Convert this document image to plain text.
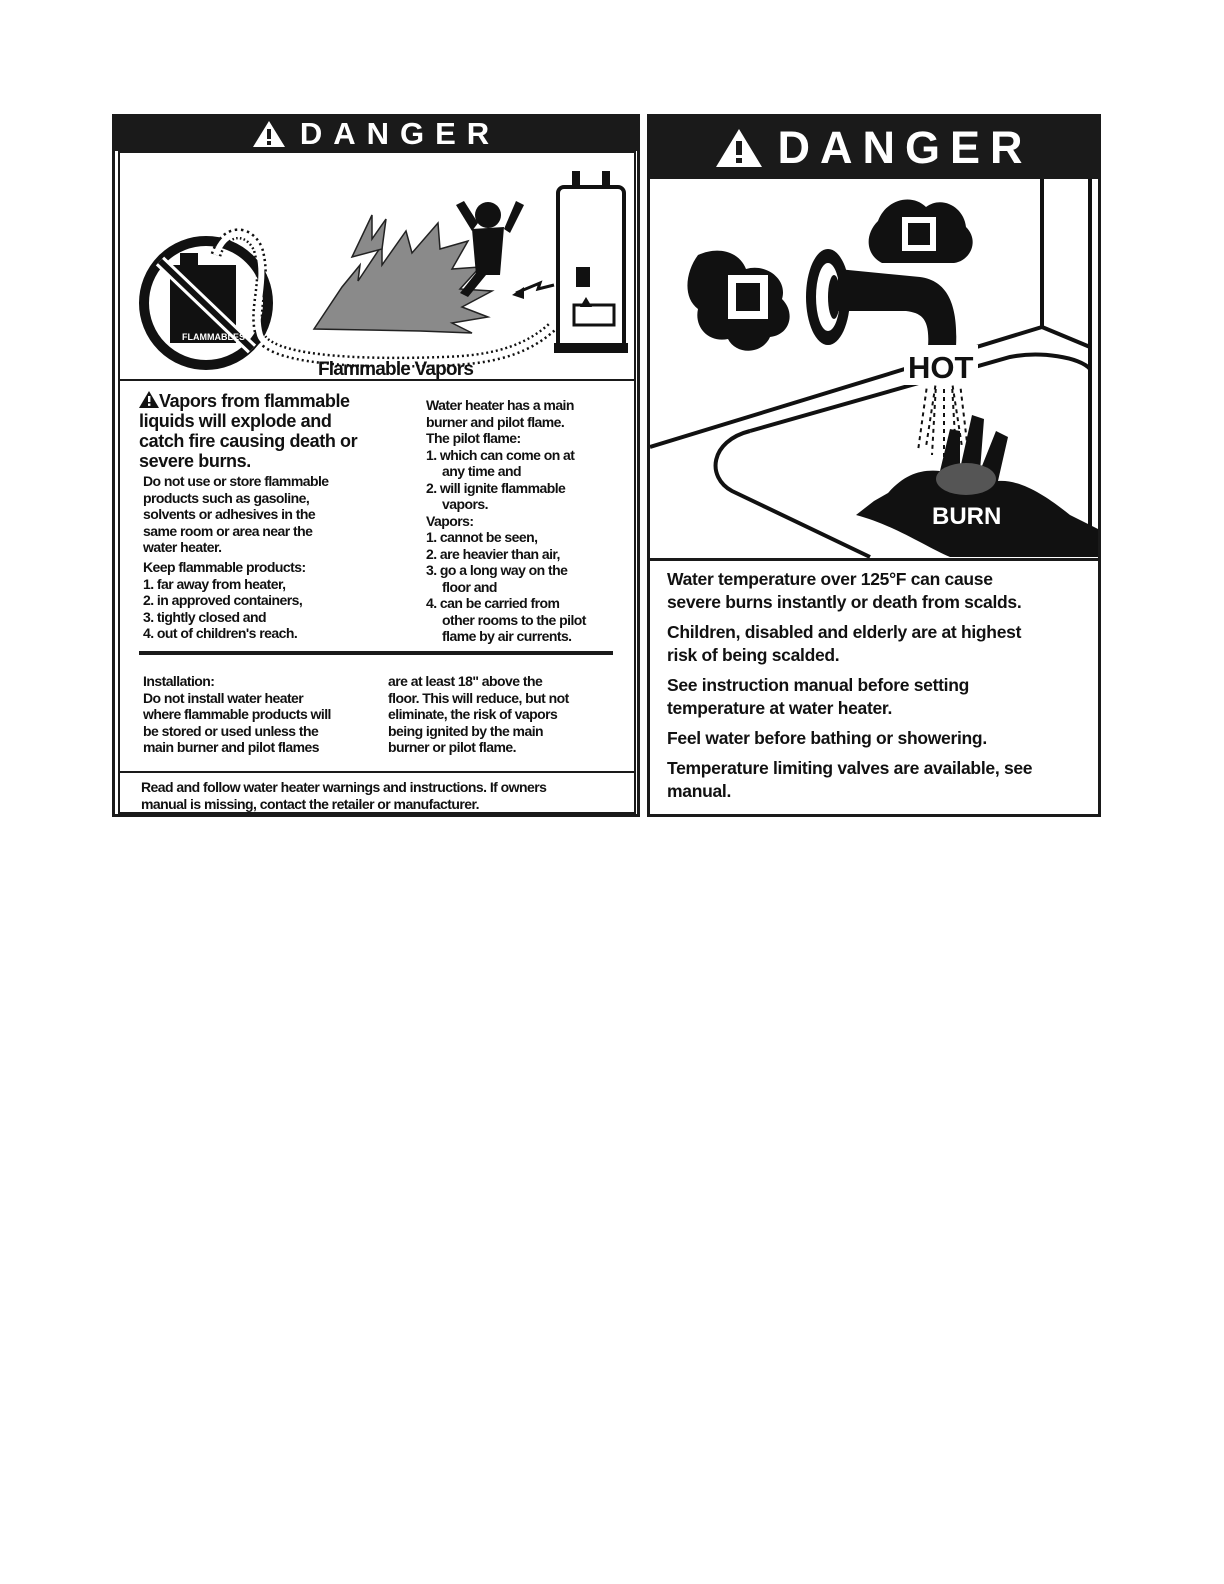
DANGER
FLAMMABLES
Flammable Vapors
Vapors from flammable
liquids will explode and
catch fire causing death or
severe burns.
Do not use or store flammable
products such as gasoline,
solvents or adhesives in the
same room or area near the
water heater.
Keep flammable products:
1. far away from heater,
2. in approved containers,
3. tightly closed and
4. out of children's reach.
Water heater has a main
burner and pilot flame.
The pilot flame:
1. which can come on at
any time and
2. will ignite flammable
vapors.
Vapors:
1. cannot be seen,
2. are heavier than air,
3. go a long way on the
floor and
4. can be carried from
other rooms to the pilot
flame by air currents.
Installation:
Do not install water heater
where flammable products will
be stored or used unless the
main burner and pilot flames
are at least 18" above the
floor. This will reduce, but not
eliminate, the risk of vapors
being ignited by the main
burner or pilot flame.
Read and follow water heater warnings and instructions. If owners
manual is missing, contact the retailer or manufacturer.
DANGER
HOT
BURN

Water temperature over 125°F can cause
severe burns instantly or death from scalds.

Children, disabled and elderly are at highest
risk of being scalded.

See instruction manual before setting
temperature at water heater.

Feel water before bathing or showering.

Temperature limiting valves are available, see
manual.
